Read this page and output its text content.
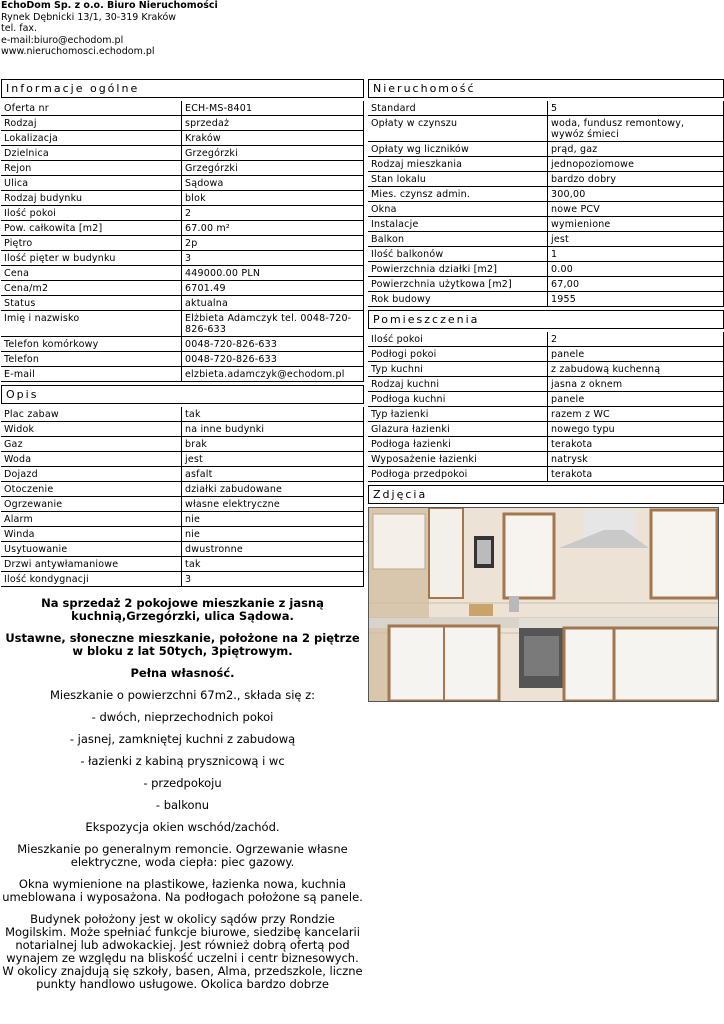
EchoDom Sp. z o.o. Biuro Nieruchomości
Rynek Dębnicki 13/1, 30-319 Kraków
tel. fax.
e-mail:biuro@echodom.pl
www.nieruchomosci.echodom.pl
Informacje ogólne
Oferta nr	ECH-MS-8401
Rodzaj	sprzedaż
Lokalizacja	Kraków
Dzielnica	Grzegórzki
Rejon	Grzegórzki
Ulica	Sądowa
Rodzaj budynku	blok
Ilość pokoi	2
Pow. całkowita [m2]	67.00 m²
Piętro	2p
Ilość pięter w budynku	3
Cena	449000.00 PLN
Cena/m2	6701.49
Status	aktualna
Imię i nazwisko	Elżbieta Adamczyk tel. 0048-720-826-633
Telefon komórkowy	0048-720-826-633
Telefon	0048-720-826-633
E-mail	elzbieta.adamczyk@echodom.pl
Opis
Plac zabaw	tak
Widok	na inne budynki
Gaz	brak
Woda	jest
Dojazd	asfalt
Otoczenie	działki zabudowane
Ogrzewanie	własne elektryczne
Alarm	nie
Winda	nie
Usytuowanie	dwustronne
Drzwi antywłamaniowe	tak
Ilość kondygnacji	3

Na sprzedaż 2 pokojowe mieszkanie z jasną kuchnią,Grzegórzki, ulica Sądowa.

Ustawne, słoneczne mieszkanie, położone na 2 piętrze w bloku z lat 50tych, 3piętrowym.

Pełna własność.

Mieszkanie o powierzchni 67m2., składa się z:

- dwóch, nieprzechodnich pokoi

- jasnej, zamkniętej kuchni z zabudową

- łazienki z kabiną prysznicową i wc

- przedpokoju

- balkonu

Ekspozycja okien wschód/zachód.

Mieszkanie po generalnym remoncie. Ogrzewanie własne elektryczne, woda ciepła: piec gazowy.

Okna wymienione na plastikowe, łazienka nowa, kuchnia umeblowana i wyposażona. Na podłogach położone są panele.

Budynek położony jest w okolicy sądów przy Rondzie Mogilskim. Może spełniać funkcje biurowe, siedzibę kancelarii notarialnej lub adwokackiej. Jest również dobrą ofertą pod wynajem ze względu na bliskość uczelni i centr biznesowych. W okolicy znajdują się szkoły, basen, Alma, przedszkole, liczne punkty handlowo usługowe. Okolica bardzo dobrze

Nieruchomość
Standard	5
Opłaty w czynszu	woda, fundusz remontowy, wywóz śmieci
Opłaty wg liczników	prąd, gaz
Rodzaj mieszkania	jednopoziomowe
Stan lokalu	bardzo dobry
Mies. czynsz admin.	300,00
Okna	nowe PCV
Instalacje	wymienione
Balkon	jest
Ilość balkonów	1
Powierzchnia działki [m2]	0.00
Powierzchnia użytkowa [m2]	67,00
Rok budowy	1955
Pomieszczenia
Ilość pokoi	2
Podłogi pokoi	panele
Typ kuchni	z zabudową kuchenną
Rodzaj kuchni	jasna z oknem
Podłoga kuchni	panele
Typ łazienki	razem z WC
Glazura łazienki	nowego typu
Podłoga łazienki	terakota
Wyposażenie łazienki	natrysk
Podłoga przedpokoi	terakota
Zdjęcia
